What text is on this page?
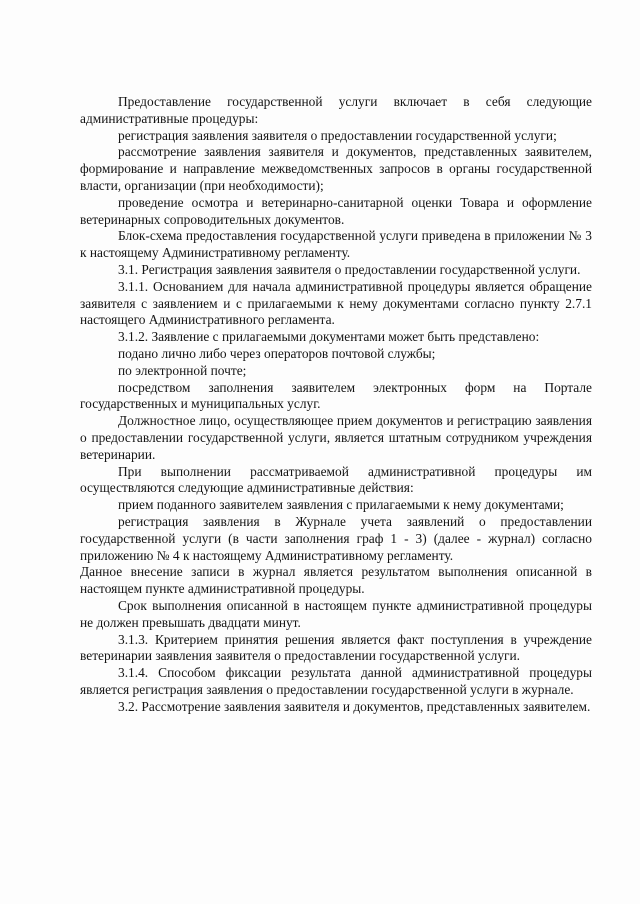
Предоставление государственной услуги включает в себя следующие административные процедуры:

регистрация заявления заявителя о предоставлении государственной услуги;

рассмотрение заявления заявителя и документов, представленных заявителем, формирование и направление межведомственных запросов в органы государственной власти, организации (при необходимости);

проведение осмотра и ветеринарно-санитарной оценки Товара и оформление ветеринарных сопроводительных документов.

Блок-схема предоставления государственной услуги приведена в приложении № 3 к настоящему Административному регламенту.

3.1. Регистрация заявления заявителя о предоставлении государственной услуги.

3.1.1. Основанием для начала административной процедуры является обращение заявителя с заявлением и с прилагаемыми к нему документами согласно пункту 2.7.1 настоящего Административного регламента.

3.1.2. Заявление с прилагаемыми документами может быть представлено:

подано лично либо через операторов почтовой службы;

по электронной почте;

посредством заполнения заявителем электронных форм на Портале государственных и муниципальных услуг.

Должностное лицо, осуществляющее прием документов и регистрацию заявления о предоставлении государственной услуги, является штатным сотрудником учреждения ветеринарии.

При выполнении рассматриваемой административной процедуры им осуществляются следующие административные действия:

прием поданного заявителем заявления с прилагаемыми к нему документами;

регистрация заявления в Журнале учета заявлений о предоставлении государственной услуги (в части заполнения граф 1 - 3) (далее - журнал) согласно приложению № 4 к настоящему Административному регламенту.

Данное внесение записи в журнал является результатом выполнения описанной в настоящем пункте административной процедуры.

Срок выполнения описанной в настоящем пункте административной процедуры не должен превышать двадцати минут.

3.1.3. Критерием принятия решения является факт поступления в учреждение ветеринарии заявления заявителя о предоставлении государственной услуги.

3.1.4. Способом фиксации результата данной административной процедуры является регистрация заявления о предоставлении государственной услуги в журнале.

3.2. Рассмотрение заявления заявителя и документов, представленных заявителем.
